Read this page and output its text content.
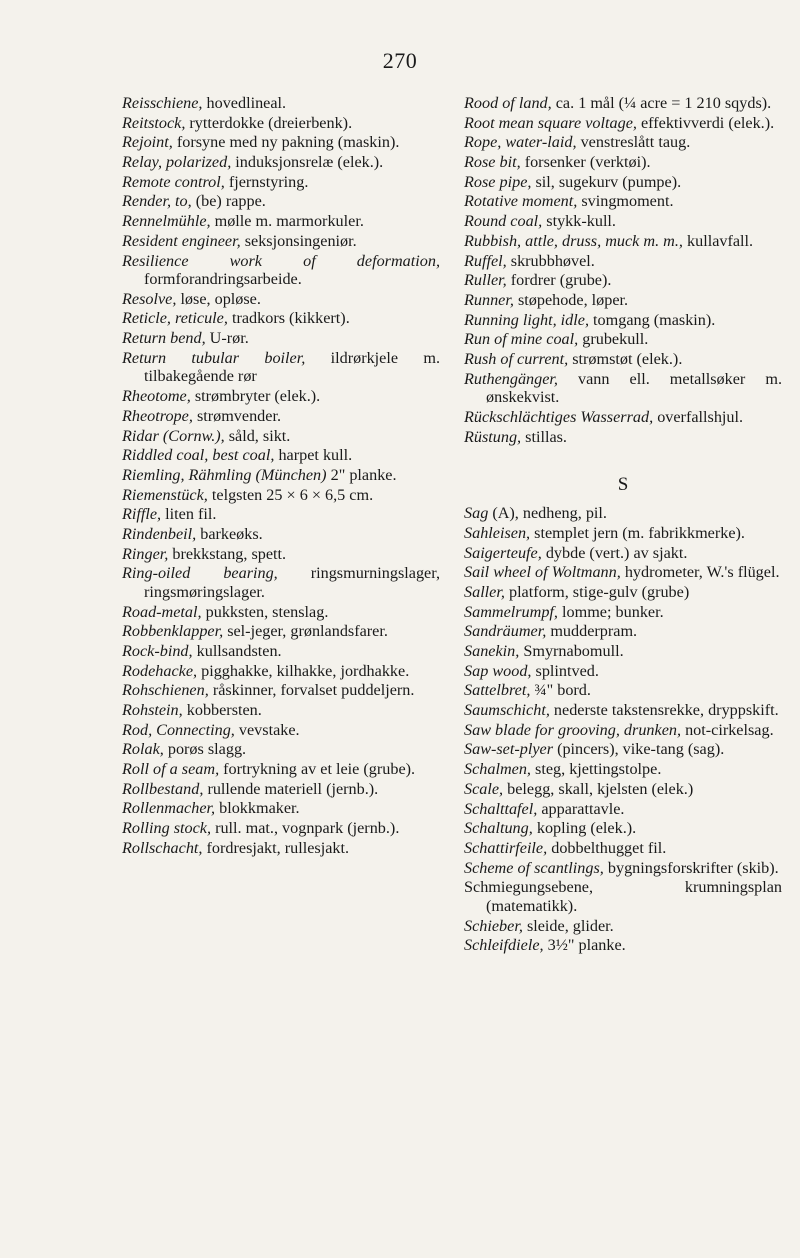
270
Reisschiene, hovedlineal.
Reitstock, rytterdokke (dreierbenk).
Rejoint, forsyne med ny pakning (maskin).
Relay, polarized, induksjonsrelæ (elek.).
Remote control, fjernstyring.
Render, to, (be) rappe.
Rennelmühle, mølle m. marmorkuler.
Resident engineer, seksjonsingeniør.
Resilience work of deformation, formforandringsarbeide.
Resolve, løse, opløse.
Reticle, reticule, tradkors (kikkert).
Return bend, U-rør.
Return tubular boiler, ildrørkjele m. tilbakegående rør
Rheotome, strømbryter (elek.).
Rheotrope, strømvender.
Ridar (Cornw.), såld, sikt.
Riddled coal, best coal, harpet kull.
Riemling, Rähmling (München) 2" planke.
Riemenstück, telgsten 25 × 6 × 6,5 cm.
Riffle, liten fil.
Rindenbeil, barkeøks.
Ringer, brekkstang, spett.
Ring-oiled bearing, ringsmurningslager, ringsmøringslager.
Road-metal, pukksten, stenslag.
Robbenklapper, sel-jeger, grønlandsfarer.
Rock-bind, kullsandsten.
Rodehacke, pigghakke, kilhakke, jordhakke.
Rohschienen, råskinner, forvalset puddeljern.
Rohstein, kobbersten.
Rod, Connecting, vevstake.
Rolak, porøs slagg.
Roll of a seam, fortrykning av et leie (grube).
Rollbestand, rullende materiell (jernb.).
Rollenmacher, blokkmaker.
Rolling stock, rull. mat., vognpark (jernb.).
Rollschacht, fordresjakt, rullesjakt.
Rood of land, ca. 1 mål (¼ acre = 1 210 sqyds).
Root mean square voltage, effektivverdi (elek.).
Rope, water-laid, venstreslått taug.
Rose bit, forsenker (verktøi).
Rose pipe, sil, sugekurv (pumpe).
Rotative moment, svingmoment.
Round coal, stykk-kull.
Rubbish, attle, druss, muck m. m., kullavfall.
Ruffel, skrubbhøvel.
Ruller, fordrer (grube).
Runner, støpehode, løper.
Running light, idle, tomgang (maskin).
Run of mine coal, grubekull.
Rush of current, strømstøt (elek.).
Ruthengänger, vann ell. metallsøker m. ønskekvist.
Rückschlächtiges Wasserrad, overfallshjul.
Rüstung, stillas.
S
Sag (A), nedheng, pil.
Sahleisen, stemplet jern (m. fabrikkmerke).
Saigerteufe, dybde (vert.) av sjakt.
Sail wheel of Woltmann, hydrometer, W.'s flügel.
Saller, platform, stige-gulv (grube)
Sammelrumpf, lomme; bunker.
Sandräumer, mudderpram.
Sanekin, Smyrnabomull.
Sap wood, splintved.
Sattelbret, ¾" bord.
Saumschicht, nederste takstensrekke, dryppskift.
Saw blade for grooving, drunken, not-cirkelsag.
Saw-set-plyer (pincers), vike-tang (sag).
Schalmen, steg, kjettingstolpe.
Scale, belegg, skall, kjelsten (elek.)
Schalttafel, apparattavle.
Schaltung, kopling (elek.).
Schattirfeile, dobbelthugget fil.
Scheme of scantlings, bygningsforskrifter (skib).
Schmiegungsebene,	krumningsplan (matematikk).
Schieber, sleide, glider.
Schleifdiele, 3½" planke.
